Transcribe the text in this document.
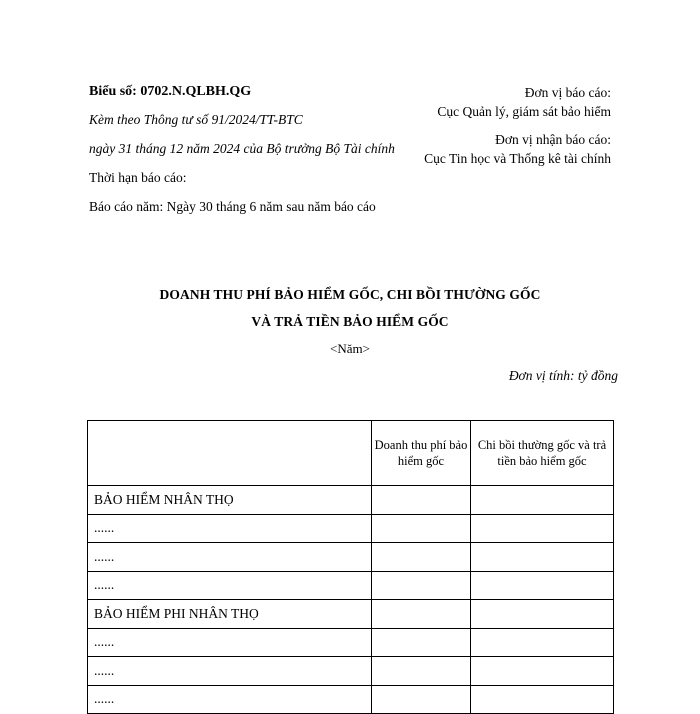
Biểu số: 0702.N.QLBH.QG

Kèm theo Thông tư số 91/2024/TT-BTC

ngày 31 tháng 12 năm 2024 của Bộ trưởng Bộ Tài chính

Thời hạn báo cáo:

Báo cáo năm: Ngày 30 tháng 6 năm sau năm báo cáo

Đơn vị báo cáo:

Cục Quản lý, giám sát bảo hiểm

Đơn vị nhận báo cáo:

Cục Tin học và Thống kê tài chính

DOANH THU PHÍ BẢO HIỂM GỐC, CHI BỒI THƯỜNG GỐC

VÀ TRẢ TIỀN BẢO HIỂM GỐC

<Năm>
Đơn vị tính: tỷ đồng
	Doanh thu phí bảo hiểm gốc	Chi bồi thường gốc và trả tiền bảo hiểm gốc
BẢO HIỂM NHÂN THỌ		
......		
......		
......		
BẢO HIỂM PHI NHÂN THỌ		
......		
......		
......		
